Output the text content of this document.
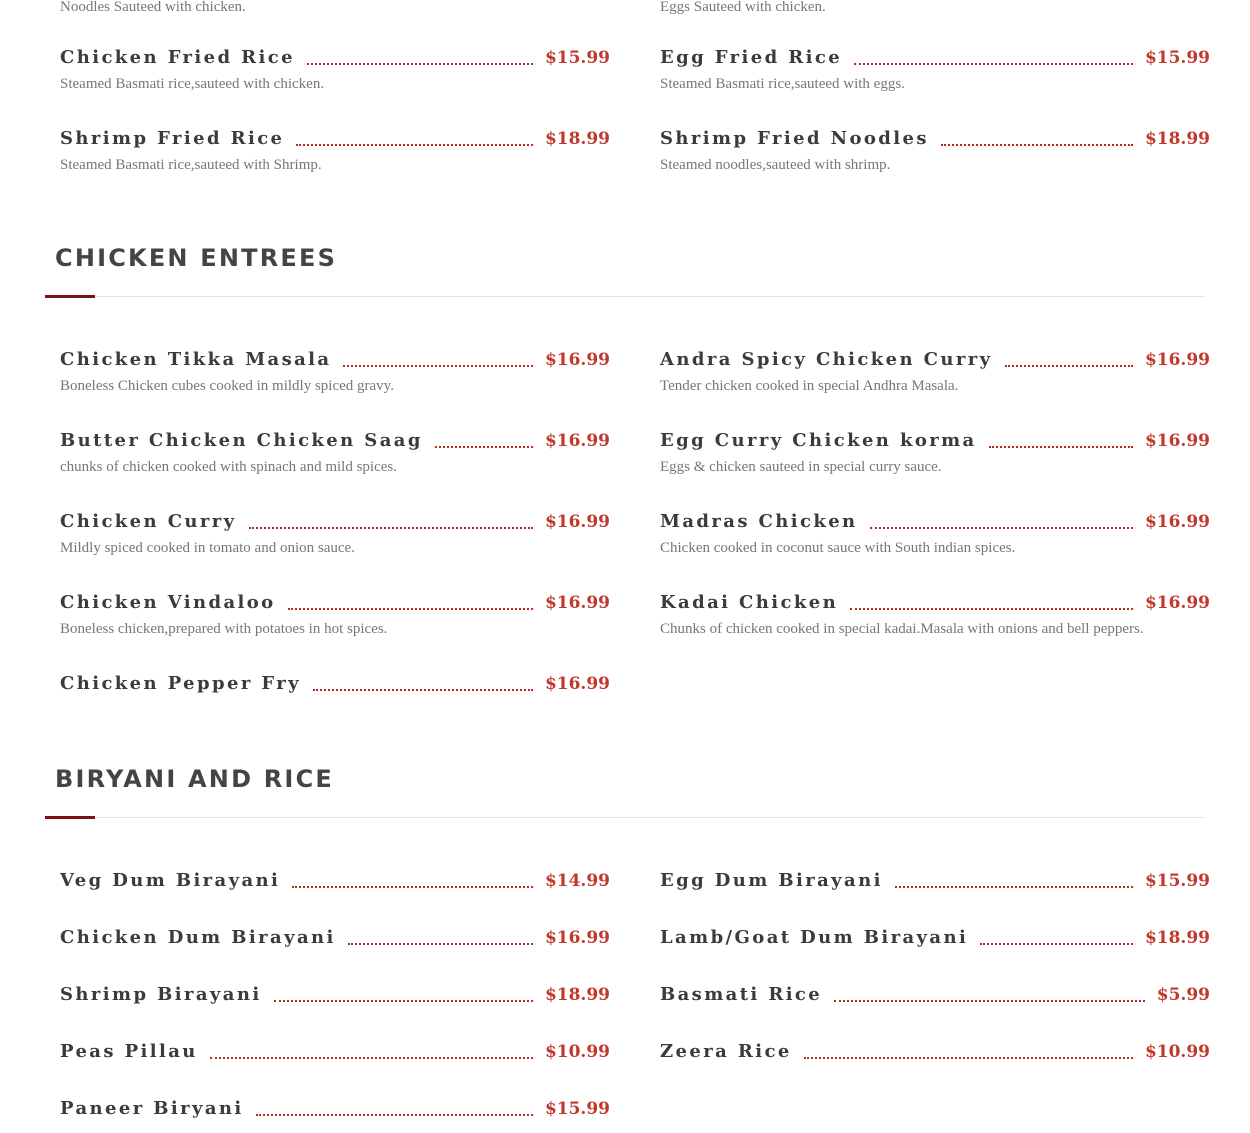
Noodles Sauteed with chicken.	Eggs Sauteed with chicken.
Chicken Fried Rice	$15.99
Steamed Basmati rice,sauteed with chicken.
Egg Fried Rice	$15.99
Steamed Basmati rice,sauteed with eggs.
Shrimp Fried Rice	$18.99
Steamed Basmati rice,sauteed with Shrimp.
Shrimp Fried Noodles	$18.99
Steamed noodles,sauteed with shrimp.
CHICKEN ENTREES
Chicken Tikka Masala	$16.99
Boneless Chicken cubes cooked in mildly spiced gravy.
Andra Spicy Chicken Curry	$16.99
Tender chicken cooked in special Andhra Masala.
Butter Chicken Chicken Saag	$16.99
chunks of chicken cooked with spinach and mild spices.
Egg Curry Chicken korma	$16.99
Eggs & chicken sauteed in special curry sauce.
Chicken Curry	$16.99
Mildly spiced cooked in tomato and onion sauce.
Madras Chicken	$16.99
Chicken cooked in coconut sauce with South indian spices.
Chicken Vindaloo	$16.99
Boneless chicken,prepared with potatoes in hot spices.
Kadai Chicken	$16.99
Chunks of chicken cooked in special kadai.Masala with onions and bell peppers.
Chicken Pepper Fry	$16.99
BIRYANI AND RICE
Veg Dum Birayani	$14.99	Egg Dum Birayani	$15.99
Chicken Dum Birayani	$16.99	Lamb/Goat Dum Birayani	$18.99
Shrimp Birayani	$18.99	Basmati Rice	$5.99
Peas Pillau	$10.99	Zeera Rice	$10.99
Paneer Biryani	$15.99
